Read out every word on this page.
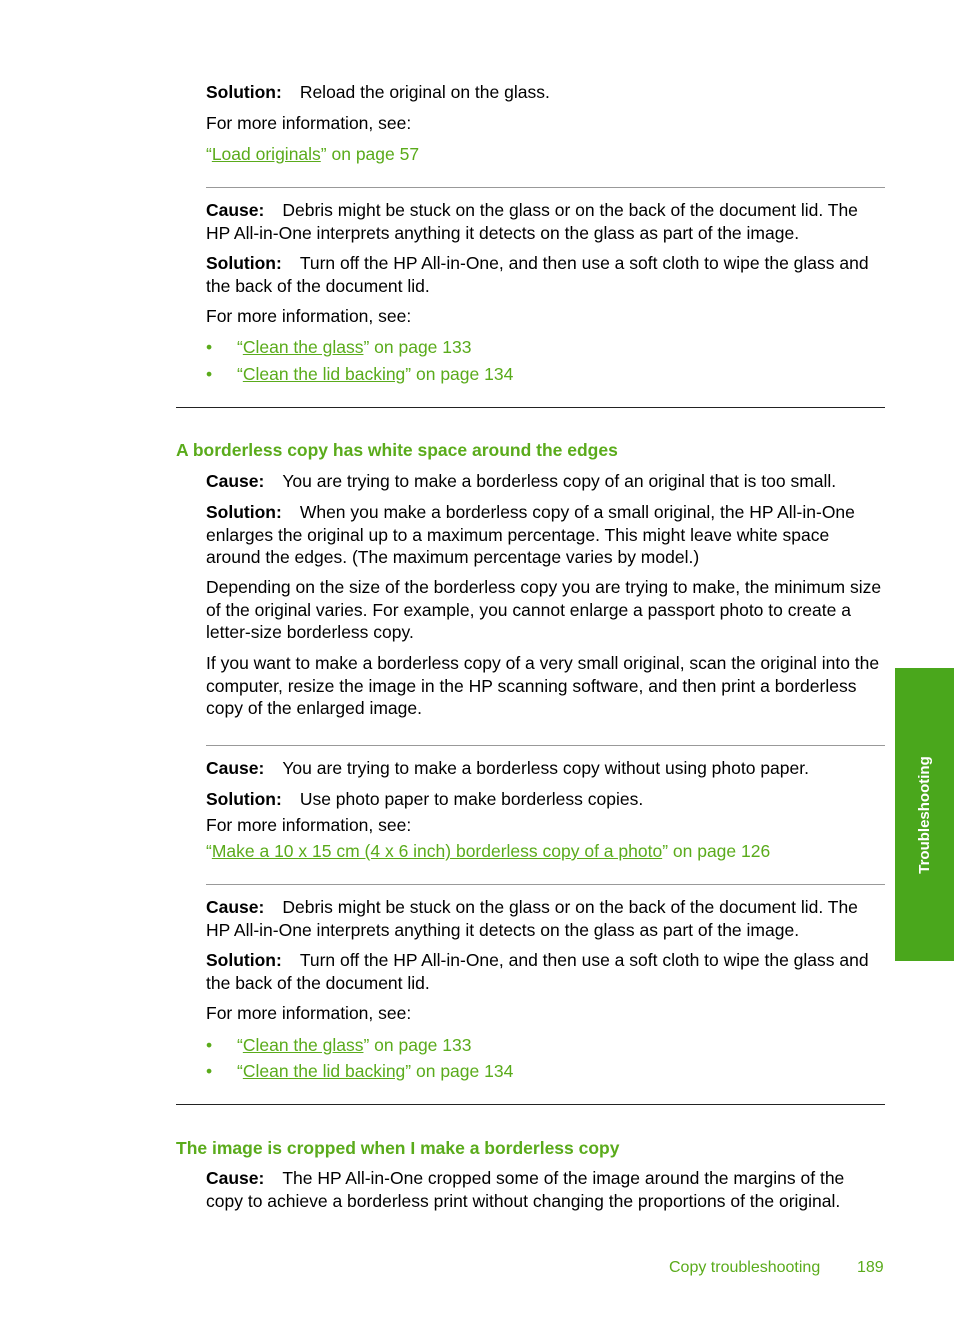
Solution: Reload the original on the glass.

For more information, see:

“Load originals” on page 57

Cause: Debris might be stuck on the glass or on the back of the document lid. The HP All-in-One interprets anything it detects on the glass as part of the image.

Solution: Turn off the HP All-in-One, and then use a soft cloth to wipe the glass and the back of the document lid.

For more information, see:

• “Clean the glass” on page 133
• “Clean the lid backing” on page 134
A borderless copy has white space around the edges

Cause: You are trying to make a borderless copy of an original that is too small.

Solution: When you make a borderless copy of a small original, the HP All-in-One enlarges the original up to a maximum percentage. This might leave white space around the edges. (The maximum percentage varies by model.)

Depending on the size of the borderless copy you are trying to make, the minimum size of the original varies. For example, you cannot enlarge a passport photo to create a letter-size borderless copy.

If you want to make a borderless copy of a very small original, scan the original into the computer, resize the image in the HP scanning software, and then print a borderless copy of the enlarged image.

Cause: You are trying to make a borderless copy without using photo paper.

Solution: Use photo paper to make borderless copies.

For more information, see:

“Make a 10 x 15 cm (4 x 6 inch) borderless copy of a photo” on page 126

Cause: Debris might be stuck on the glass or on the back of the document lid. The HP All-in-One interprets anything it detects on the glass as part of the image.

Solution: Turn off the HP All-in-One, and then use a soft cloth to wipe the glass and the back of the document lid.

For more information, see:

• “Clean the glass” on page 133
• “Clean the lid backing” on page 134
The image is cropped when I make a borderless copy

Cause: The HP All-in-One cropped some of the image around the margins of the copy to achieve a borderless print without changing the proportions of the original.

Troubleshooting
Copy troubleshooting 189
